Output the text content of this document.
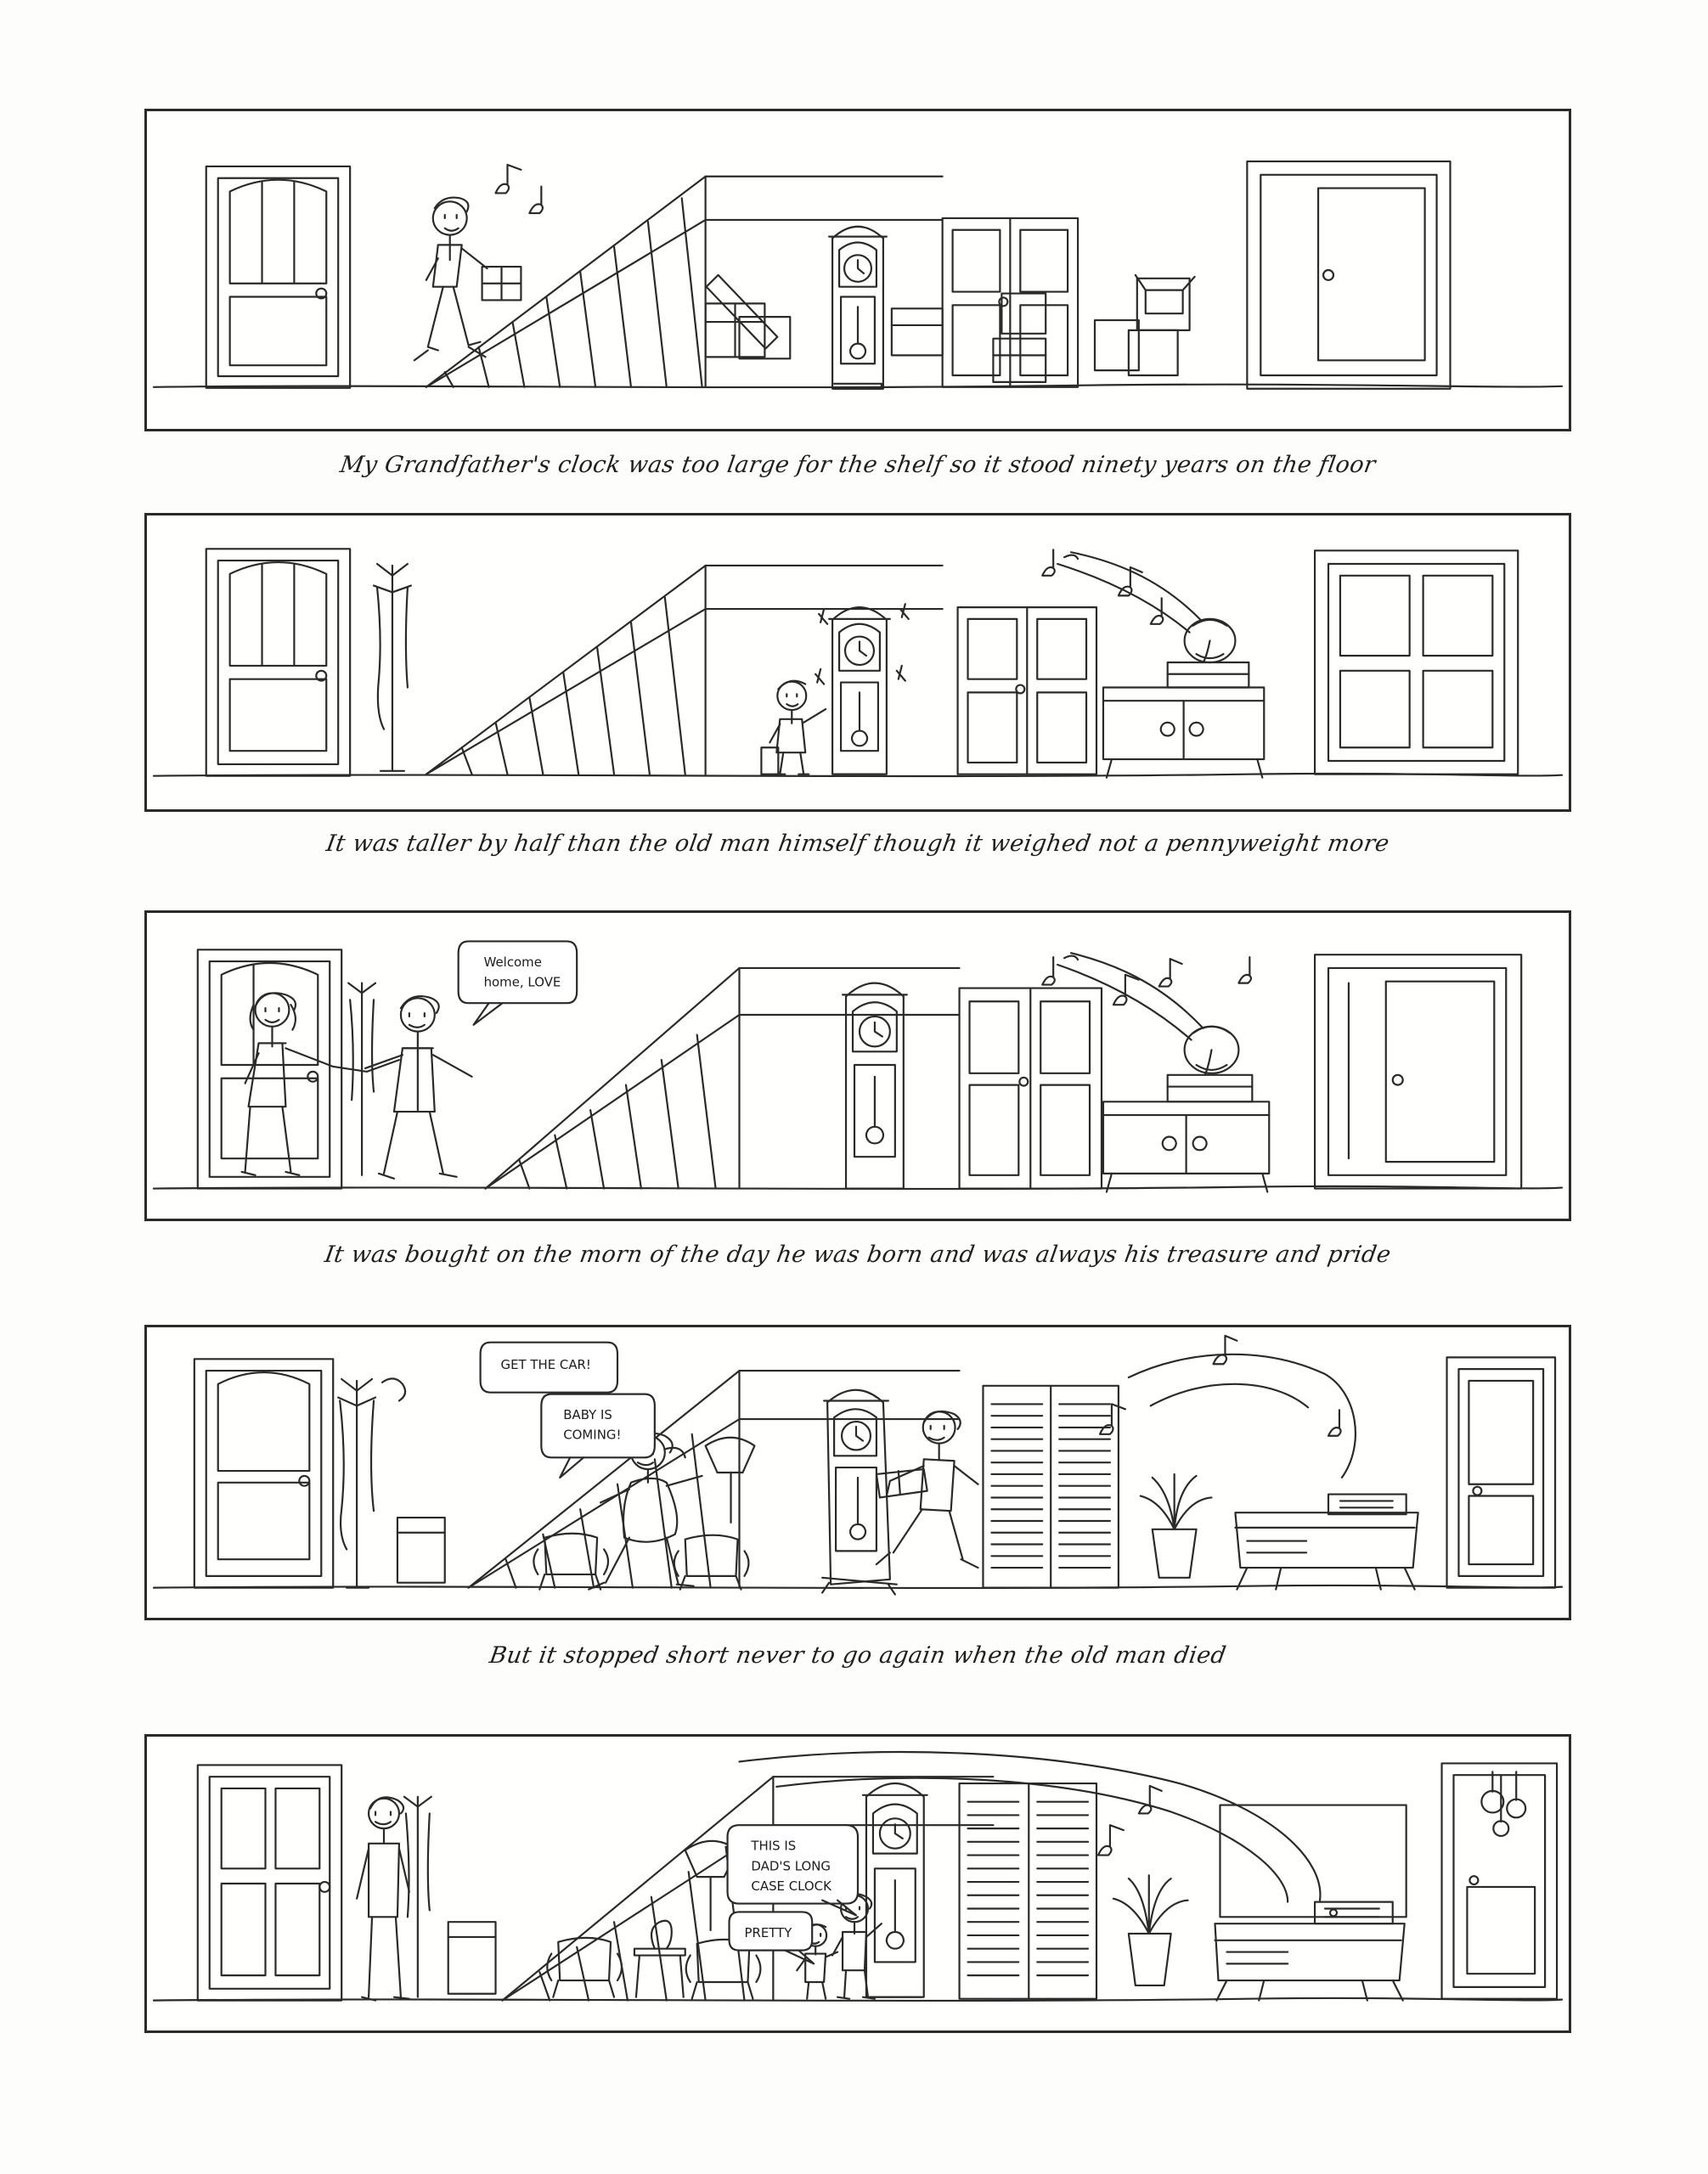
My Grandfather's clock was too large for the shelf so it stood ninety years on the floor
It was taller by half than the old man himself though it weighed not a pennyweight more
Welcome
home, LOVE
It was bought on the morn of the day he was born and was always his treasure and pride
GET THE CAR!
BABY IS
COMING!
But it stopped short never to go again when the old man died
THIS IS
DAD'S LONG
CASE CLOCK
PRETTY
